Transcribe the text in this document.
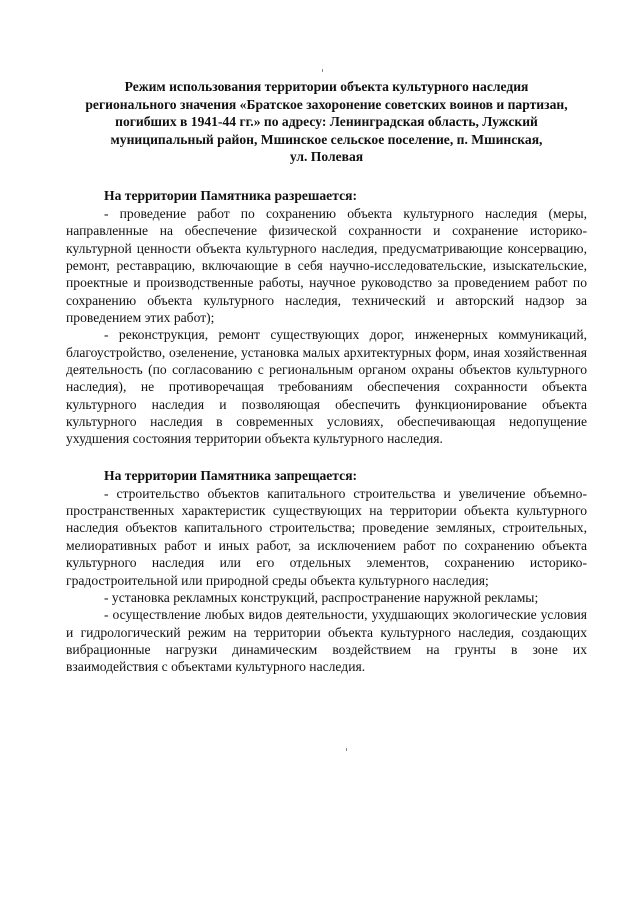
Режим использования территории объекта культурного наследия
регионального значения «Братское захоронение советских воинов и партизан,
погибших в 1941-44 гг.» по адресу: Ленинградская область, Лужский
муниципальный район, Мшинское сельское поселение, п. Мшинская,
ул. Полевая

На территории Памятника разрешается:

- проведение работ по сохранению объекта культурного наследия (меры, направленные на обеспечение физической сохранности и сохранение историко-культурной ценности объекта культурного наследия, предусматривающие консервацию, ремонт, реставрацию, включающие в себя научно-исследовательские, изыскательские, проектные и производственные работы, научное руководство за проведением работ по сохранению объекта культурного наследия, технический и авторский надзор за проведением этих работ);

- реконструкция, ремонт существующих дорог, инженерных коммуникаций, благоустройство, озеленение, установка малых архитектурных форм, иная хозяйственная деятельность (по согласованию с региональным органом охраны объектов культурного наследия), не противоречащая требованиям обеспечения сохранности объекта культурного наследия и позволяющая обеспечить функционирование объекта культурного наследия в современных условиях, обеспечивающая недопущение ухудшения состояния территории объекта культурного наследия.

На территории Памятника запрещается:

- строительство объектов капитального строительства и увеличение объемно-пространственных характеристик существующих на территории объекта культурного наследия объектов капитального строительства; проведение земляных, строительных, мелиоративных работ и иных работ, за исключением работ по сохранению объекта культурного наследия или его отдельных элементов, сохранению историко-градостроительной или природной среды объекта культурного наследия;

- установка рекламных конструкций, распространение наружной рекламы;

- осуществление любых видов деятельности, ухудшающих экологические условия и гидрологический режим на территории объекта культурного наследия, создающих вибрационные нагрузки динамическим воздействием на грунты в зоне их взаимодействия с объектами культурного наследия.
